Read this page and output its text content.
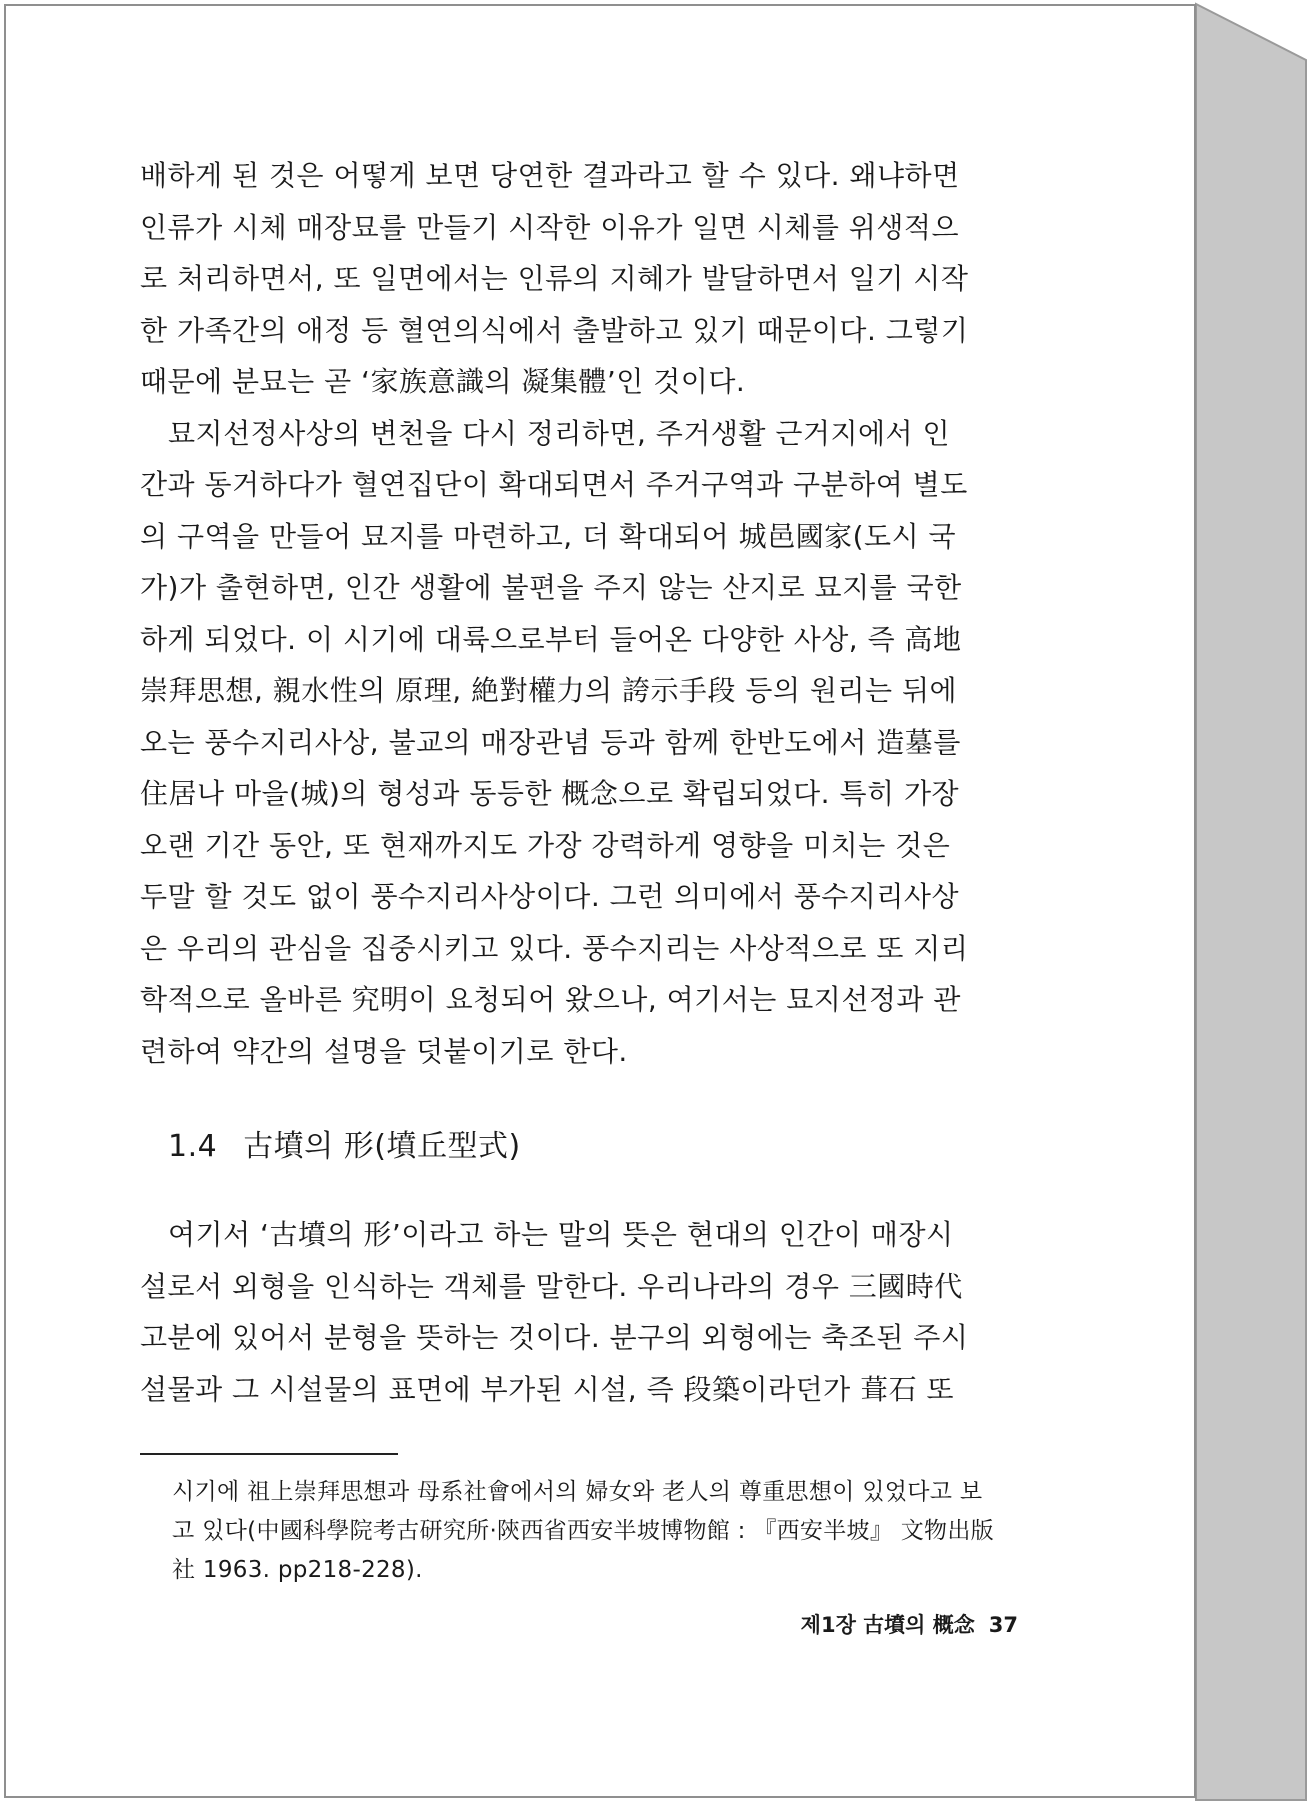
배하게 된 것은 어떻게 보면 당연한 결과라고 할 수 있다. 왜냐하면
인류가 시체 매장묘를 만들기 시작한 이유가 일면 시체를 위생적으
로 처리하면서, 또 일면에서는 인류의 지혜가 발달하면서 일기 시작
한 가족간의 애정 등 혈연의식에서 출발하고 있기 때문이다. 그렇기
때문에 분묘는 곧 ‘家族意識의 凝集體’인 것이다.

묘지선정사상의 변천을 다시 정리하면, 주거생활 근거지에서 인
간과 동거하다가 혈연집단이 확대되면서 주거구역과 구분하여 별도
의 구역을 만들어 묘지를 마련하고, 더 확대되어 城邑國家(도시 국
가)가 출현하면, 인간 생활에 불편을 주지 않는 산지로 묘지를 국한
하게 되었다. 이 시기에 대륙으로부터 들어온 다양한 사상, 즉 高地
崇拜思想, 親水性의 原理, 絶對權力의 誇示手段 등의 원리는 뒤에
오는 풍수지리사상, 불교의 매장관념 등과 함께 한반도에서 造墓를
住居나 마을(城)의 형성과 동등한 概念으로 확립되었다. 특히 가장
오랜 기간 동안, 또 현재까지도 가장 강력하게 영향을 미치는 것은
두말 할 것도 없이 풍수지리사상이다. 그런 의미에서 풍수지리사상
은 우리의 관심을 집중시키고 있다. 풍수지리는 사상적으로 또 지리
학적으로 올바른 究明이 요청되어 왔으나, 여기서는 묘지선정과 관
련하여 약간의 설명을 덧붙이기로 한다.

1.4 古墳의 形(墳丘型式)

여기서 ‘古墳의 形’이라고 하는 말의 뜻은 현대의 인간이 매장시
설로서 외형을 인식하는 객체를 말한다. 우리나라의 경우 三國時代
고분에 있어서 분형을 뜻하는 것이다. 분구의 외형에는 축조된 주시
설물과 그 시설물의 표면에 부가된 시설, 즉 段築이라던가 葺石 또

시기에 祖上崇拜思想과 母系社會에서의 婦女와 老人의 尊重思想이 있었다고 보
고 있다(中國科學院考古研究所·陝西省西安半坡博物館 : 『西安半坡』 文物出版
社 1963. pp218-228).

제1장 古墳의 概念 37
